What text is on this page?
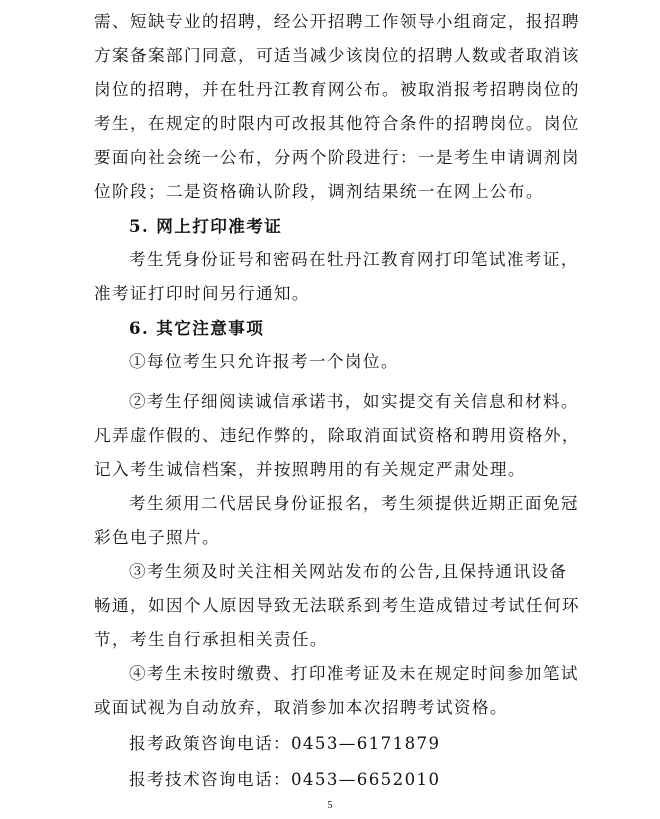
需、短缺专业的招聘，经公开招聘工作领导小组商定，报招聘
方案备案部门同意，可适当减少该岗位的招聘人数或者取消该
岗位的招聘，并在牡丹江教育网公布。被取消报考招聘岗位的
考生，在规定的时限内可改报其他符合条件的招聘岗位。岗位
要面向社会统一公布，分两个阶段进行：一是考生申请调剂岗
位阶段；二是资格确认阶段，调剂结果统一在网上公布。
5. 网上打印准考证
考生凭身份证号和密码在牡丹江教育网打印笔试准考证，
准考证打印时间另行通知。
6. 其它注意事项
①每位考生只允许报考一个岗位。
②考生仔细阅读诚信承诺书，如实提交有关信息和材料。
凡弄虚作假的、违纪作弊的，除取消面试资格和聘用资格外，
记入考生诚信档案，并按照聘用的有关规定严肃处理。
考生须用二代居民身份证报名，考生须提供近期正面免冠
彩色电子照片。
③考生须及时关注相关网站发布的公告,且保持通讯设备
畅通，如因个人原因导致无法联系到考生造成错过考试任何环
节，考生自行承担相关责任。
④考生未按时缴费、打印准考证及未在规定时间参加笔试
或面试视为自动放弃，取消参加本次招聘考试资格。
报考政策咨询电话：0453—6171879
报考技术咨询电话：0453—6652010
5
